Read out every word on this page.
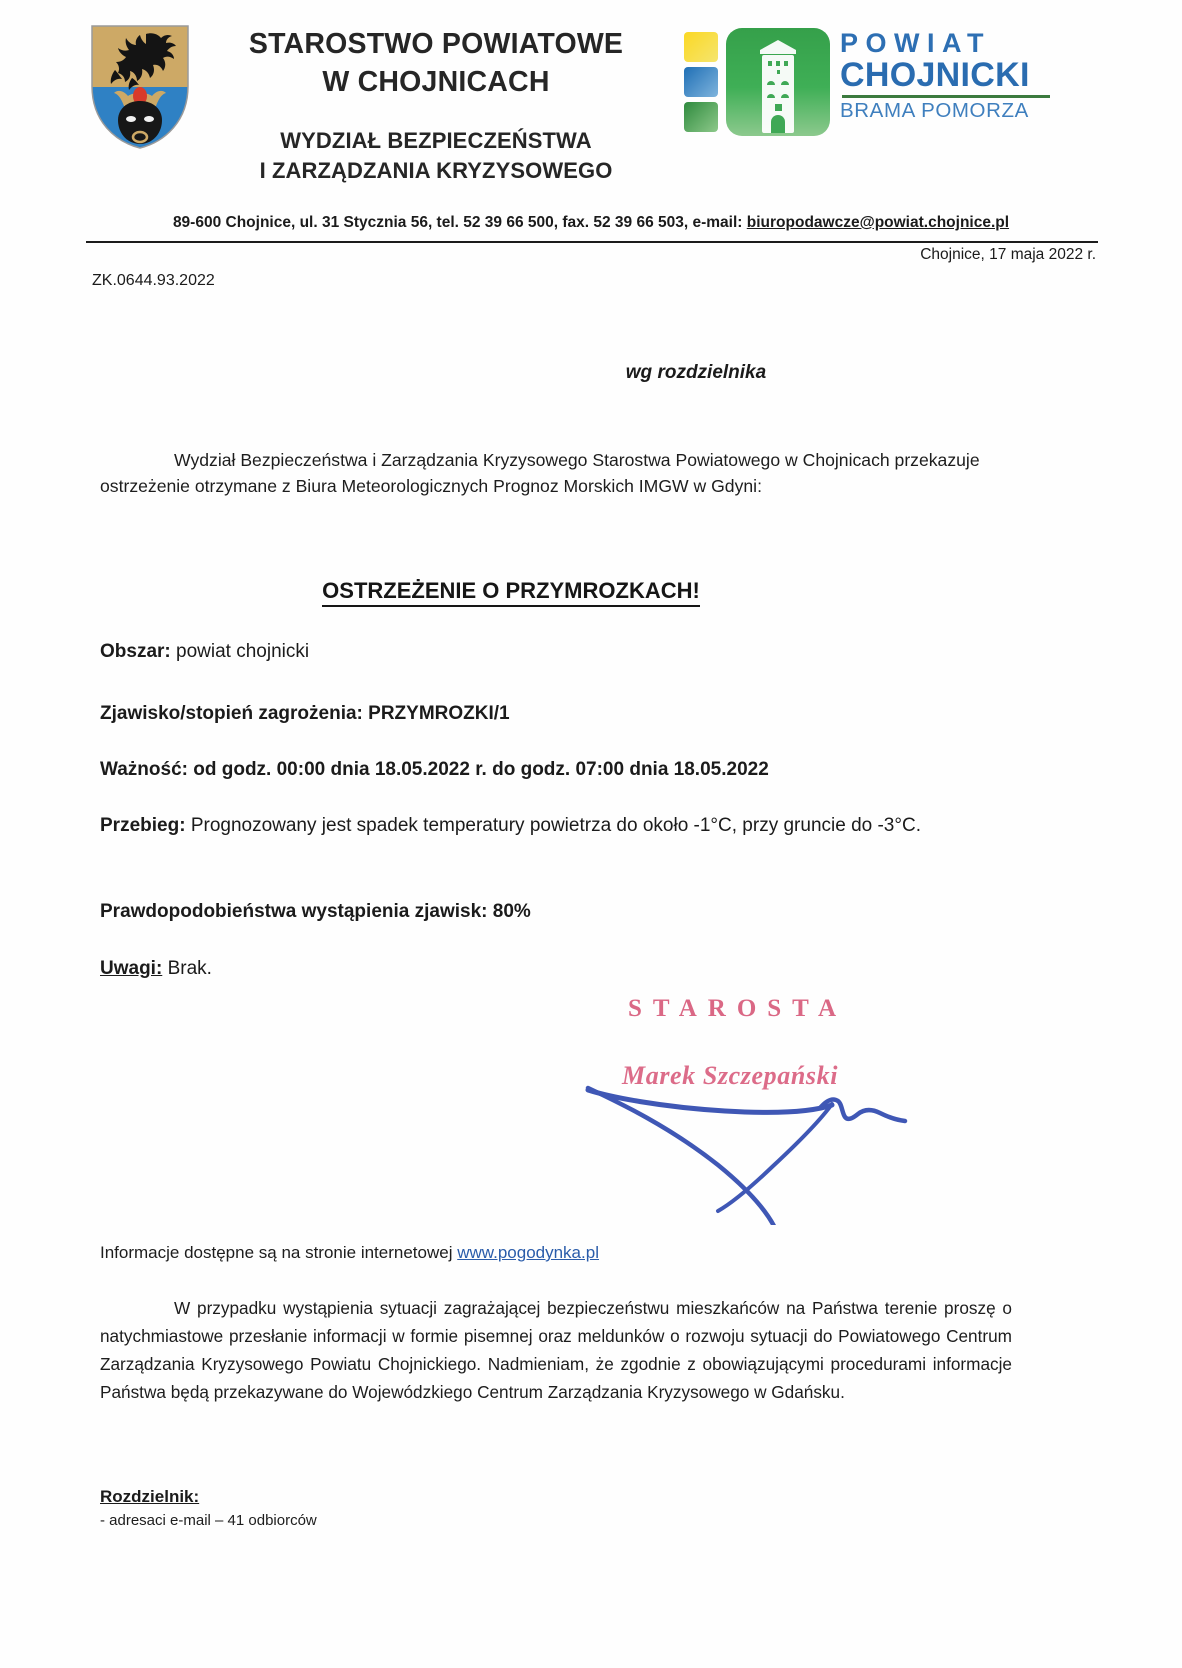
STAROSTWO POWIATOWE
W CHOJNICACH
WYDZIAŁ BEZPIECZEŃSTWA
I ZARZĄDZANIA KRYZYSOWEGO
POWIAT
CHOJNICKI
BRAMA POMORZA
89-600 Chojnice, ul. 31 Stycznia 56, tel. 52 39 66 500, fax. 52 39 66 503, e-mail: biuropodawcze@powiat.chojnice.pl
Chojnice, 17 maja 2022 r.
ZK.0644.93.2022
wg rozdzielnika
Wydział Bezpieczeństwa i Zarządzania Kryzysowego Starostwa Powiatowego w Chojnicach przekazuje ostrzeżenie otrzymane z Biura Meteorologicznych Prognoz Morskich IMGW w Gdyni:
OSTRZEŻENIE O PRZYMROZKACH!
Obszar: powiat chojnicki
Zjawisko/stopień zagrożenia: PRZYMROZKI/1
Ważność: od godz. 00:00 dnia 18.05.2022 r. do godz. 07:00 dnia 18.05.2022
Przebieg: Prognozowany jest spadek temperatury powietrza do około -1°C, przy gruncie do -3°C.
Prawdopodobieństwa wystąpienia zjawisk: 80%
Uwagi: Brak.
STAROSTA
Marek Szczepański
Informacje dostępne są na stronie internetowej www.pogodynka.pl
W przypadku wystąpienia sytuacji zagrażającej bezpieczeństwu mieszkańców na Państwa terenie proszę o natychmiastowe przesłanie informacji w formie pisemnej oraz meldunków o rozwoju sytuacji do Powiatowego Centrum Zarządzania Kryzysowego Powiatu Chojnickiego. Nadmieniam, że zgodnie z obowiązującymi procedurami informacje Państwa będą przekazywane do Wojewódzkiego Centrum Zarządzania Kryzysowego w Gdańsku.
Rozdzielnik:
- adresaci e-mail – 41 odbiorców
